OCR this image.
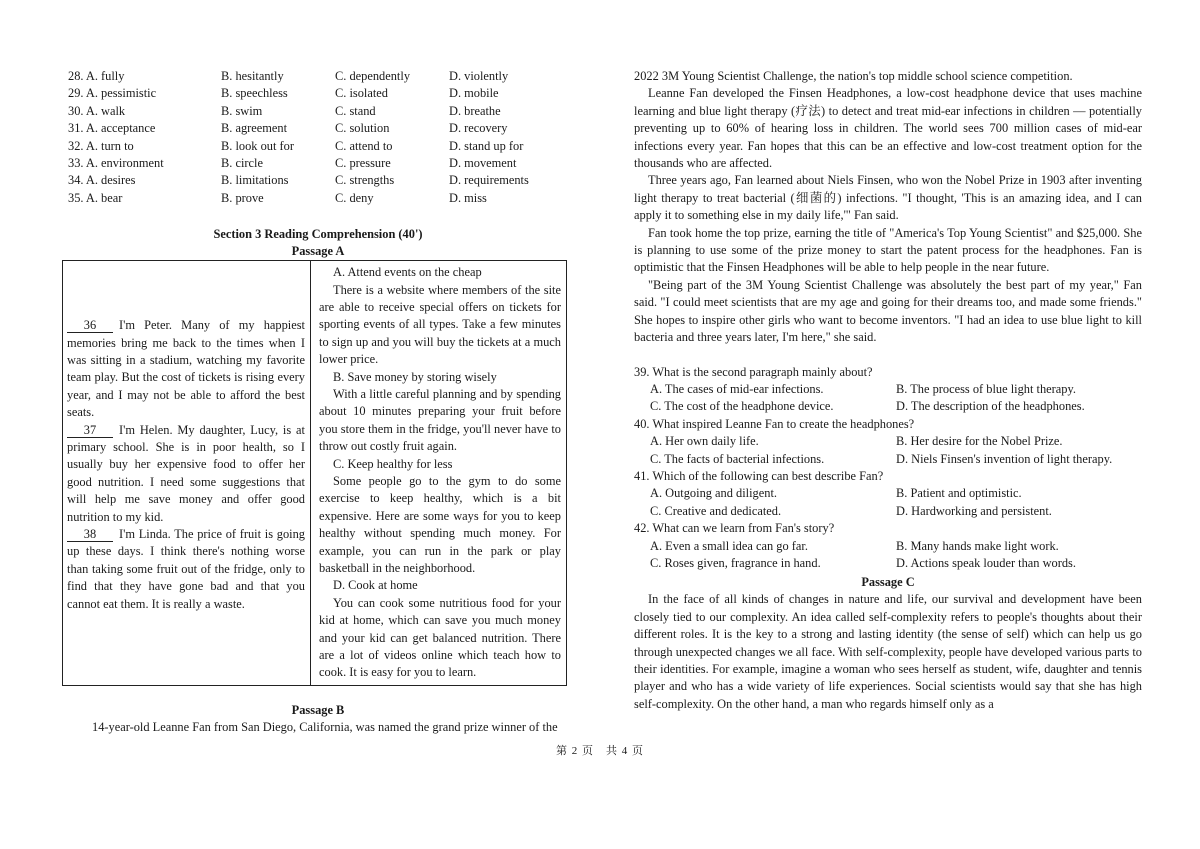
28. A. fully	B. hesitantly	C. dependently	D. violently
29. A. pessimistic	B. speechless	C. isolated	D. mobile
30. A. walk	B. swim	C. stand	D. breathe
31. A. acceptance	B. agreement	C. solution	D. recovery
32. A. turn to	B. look out for	C. attend to	D. stand up for
33. A. environment	B. circle	C. pressure	D. movement
34. A. desires	B. limitations	C. strengths	D. requirements
35. A. bear	B. prove	C. deny	D. miss
Section 3 Reading Comprehension (40')
Passage A
36 I'm Peter. Many of my happiest memories bring me back to the times when I was sitting in a stadium, watching my favorite team play. But the cost of tickets is rising every year, and I may not be able to afford the best seats.
37 I'm Helen. My daughter, Lucy, is at primary school. She is in poor health, so I usually buy her expensive food to offer her good nutrition. I need some suggestions that will help me save money and offer good nutrition to my kid.
38 I'm Linda. The price of fruit is going up these days. I think there's nothing worse than taking some fruit out of the fridge, only to find that they have gone bad and that you cannot eat them. It is really a waste.
A. Attend events on the cheap

There is a website where members of the site are able to receive special offers on tickets for sporting events of all types. Take a few minutes to sign up and you will buy the tickets at a much lower price.

B. Save money by storing wisely

With a little careful planning and by spending about 10 minutes preparing your fruit before you store them in the fridge, you'll never have to throw out costly fruit again.

C. Keep healthy for less

Some people go to the gym to do some exercise to keep healthy, which is a bit expensive. Here are some ways for you to keep healthy without spending much money. For example, you can run in the park or play basketball in the neighborhood.

D. Cook at home

You can cook some nutritious food for your kid at home, which can save you much money and your kid can get balanced nutrition. There are a lot of videos online which teach how to cook. It is easy for you to learn.

Passage B

14-year-old Leanne Fan from San Diego, California, was named the grand prize winner of the

2022 3M Young Scientist Challenge, the nation's top middle school science competition.

Leanne Fan developed the Finsen Headphones, a low-cost headphone device that uses machine learning and blue light therapy (疗法) to detect and treat mid-ear infections in children — potentially preventing up to 60% of hearing loss in children. The world sees 700 million cases of mid-ear infections every year. Fan hopes that this can be an effective and low-cost treatment option for the thousands who are affected.

Three years ago, Fan learned about Niels Finsen, who won the Nobel Prize in 1903 after inventing light therapy to treat bacterial (细菌的) infections. "I thought, 'This is an amazing idea, and I can apply it to something else in my daily life,'" Fan said.

Fan took home the top prize, earning the title of "America's Top Young Scientist" and $25,000. She is planning to use some of the prize money to start the patent process for the headphones. Fan is optimistic that the Finsen Headphones will be able to help people in the near future.

"Being part of the 3M Young Scientist Challenge was absolutely the best part of my year," Fan said. "I could meet scientists that are my age and going for their dreams too, and made some friends." She hopes to inspire other girls who want to become inventors. "I had an idea to use blue light to kill bacteria and three years later, I'm here," she said.

39. What is the second paragraph mainly about?
A. The cases of mid-ear infections.	B. The process of blue light therapy.
C. The cost of the headphone device.	D. The description of the headphones.
40. What inspired Leanne Fan to create the headphones?
A. Her own daily life.	B. Her desire for the Nobel Prize.
C. The facts of bacterial infections.	D. Niels Finsen's invention of light therapy.
41. Which of the following can best describe Fan?
A. Outgoing and diligent.	B. Patient and optimistic.
C. Creative and dedicated.	D. Hardworking and persistent.
42. What can we learn from Fan's story?
A. Even a small idea can go far.	B. Many hands make light work.
C. Roses given, fragrance in hand.	D. Actions speak louder than words.
Passage C

In the face of all kinds of changes in nature and life, our survival and development have been closely tied to our complexity. An idea called self-complexity refers to people's thoughts about their different roles. It is the key to a strong and lasting identity (the sense of self) which can help us go through unexpected changes we all face. With self-complexity, people have developed various parts to their identities. For example, imagine a woman who sees herself as student, wife, daughter and tennis player and who has a wide variety of life experiences. Social scientists would say that she has high self-complexity. On the other hand, a man who regards himself only as a

第 2 页　共 4 页
